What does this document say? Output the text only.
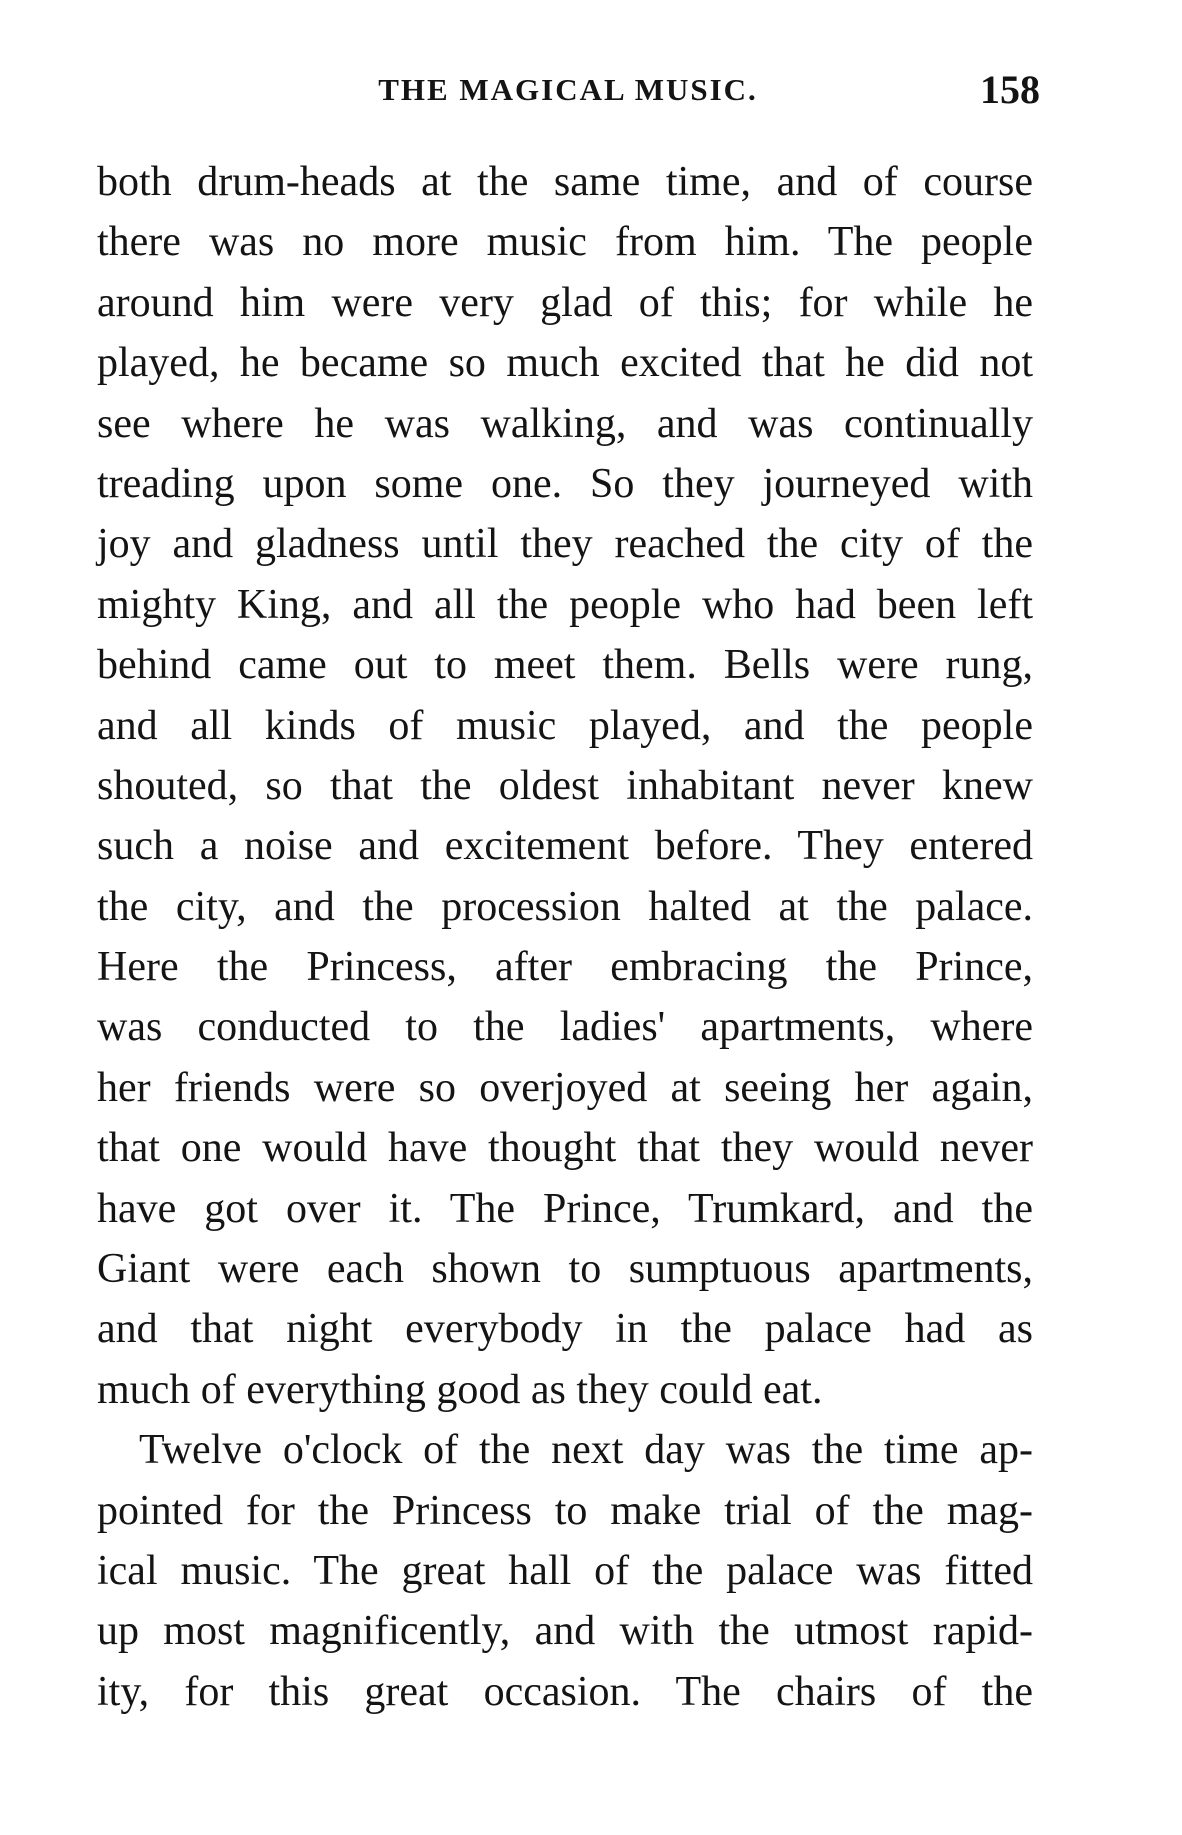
THE MAGICAL MUSIC.	158
both drum-heads at the same time, and of course
there was no more music from him. The people
around him were very glad of this; for while he
played, he became so much excited that he did not
see where he was walking, and was continually
treading upon some one. So they journeyed with
joy and gladness until they reached the city of the
mighty King, and all the people who had been left
behind came out to meet them. Bells were rung,
and all kinds of music played, and the people
shouted, so that the oldest inhabitant never knew
such a noise and excitement before. They entered
the city, and the procession halted at the palace.
Here the Princess, after embracing the Prince,
was conducted to the ladies' apartments, where
her friends were so overjoyed at seeing her again,
that one would have thought that they would never
have got over it. The Prince, Trumkard, and the
Giant were each shown to sumptuous apartments,
and that night everybody in the palace had as
much of everything good as they could eat.
Twelve o'clock of the next day was the time ap-
pointed for the Princess to make trial of the mag-
ical music. The great hall of the palace was fitted
up most magnificently, and with the utmost rapid-
ity, for this great occasion. The chairs of the
